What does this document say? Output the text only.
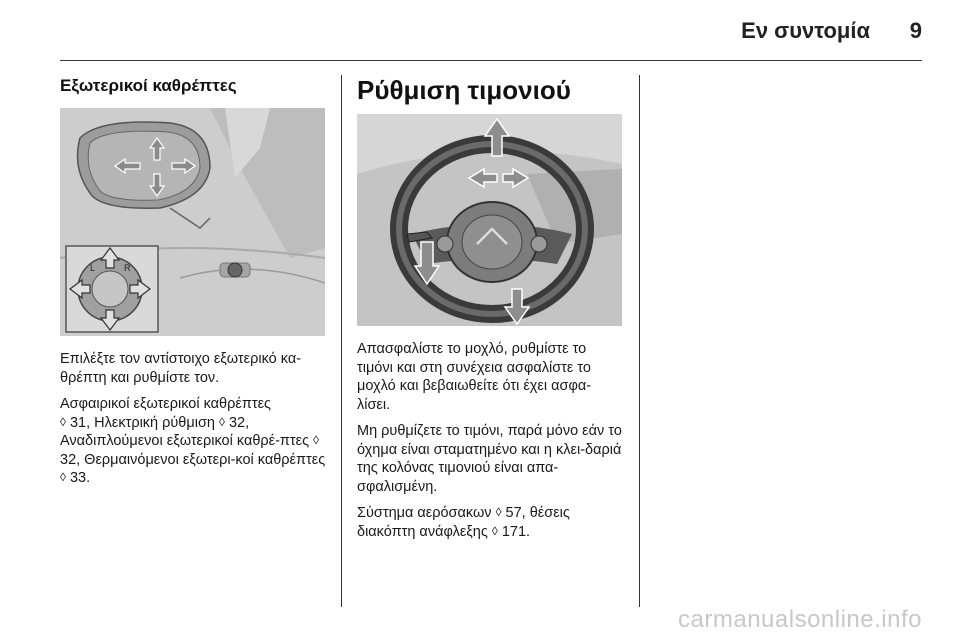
Εν συντομία 9
Εξωτερικοί καθρέπτες
L	R

Επιλέξτε τον αντίστοιχο εξωτερικό κα-θρέπτη και ρυθμίστε τον.

Ασφαιρικοί εξωτερικοί καθρέπτες
◊ 31, Ηλεκτρική ρύθμιση ◊ 32, Αναδιπλούμενοι εξωτερικοί καθρέ-πτες ◊ 32, Θερμαινόμενοι εξωτερι-κοί καθρέπτες ◊ 33.

Ρύθμιση τιμονιού

Απασφαλίστε το μοχλό, ρυθμίστε το τιμόνι και στη συνέχεια ασφαλίστε το μοχλό και βεβαιωθείτε ότι έχει ασφα-λίσει.

Μη ρυθμίζετε το τιμόνι, παρά μόνο εάν το όχημα είναι σταματημένο και η κλει-δαριά της κολόνας τιμονιού είναι απα-σφαλισμένη.

Σύστημα αερόσακων ◊ 57, θέσεις διακόπτη ανάφλεξης ◊ 171.

carmanualsonline.info
